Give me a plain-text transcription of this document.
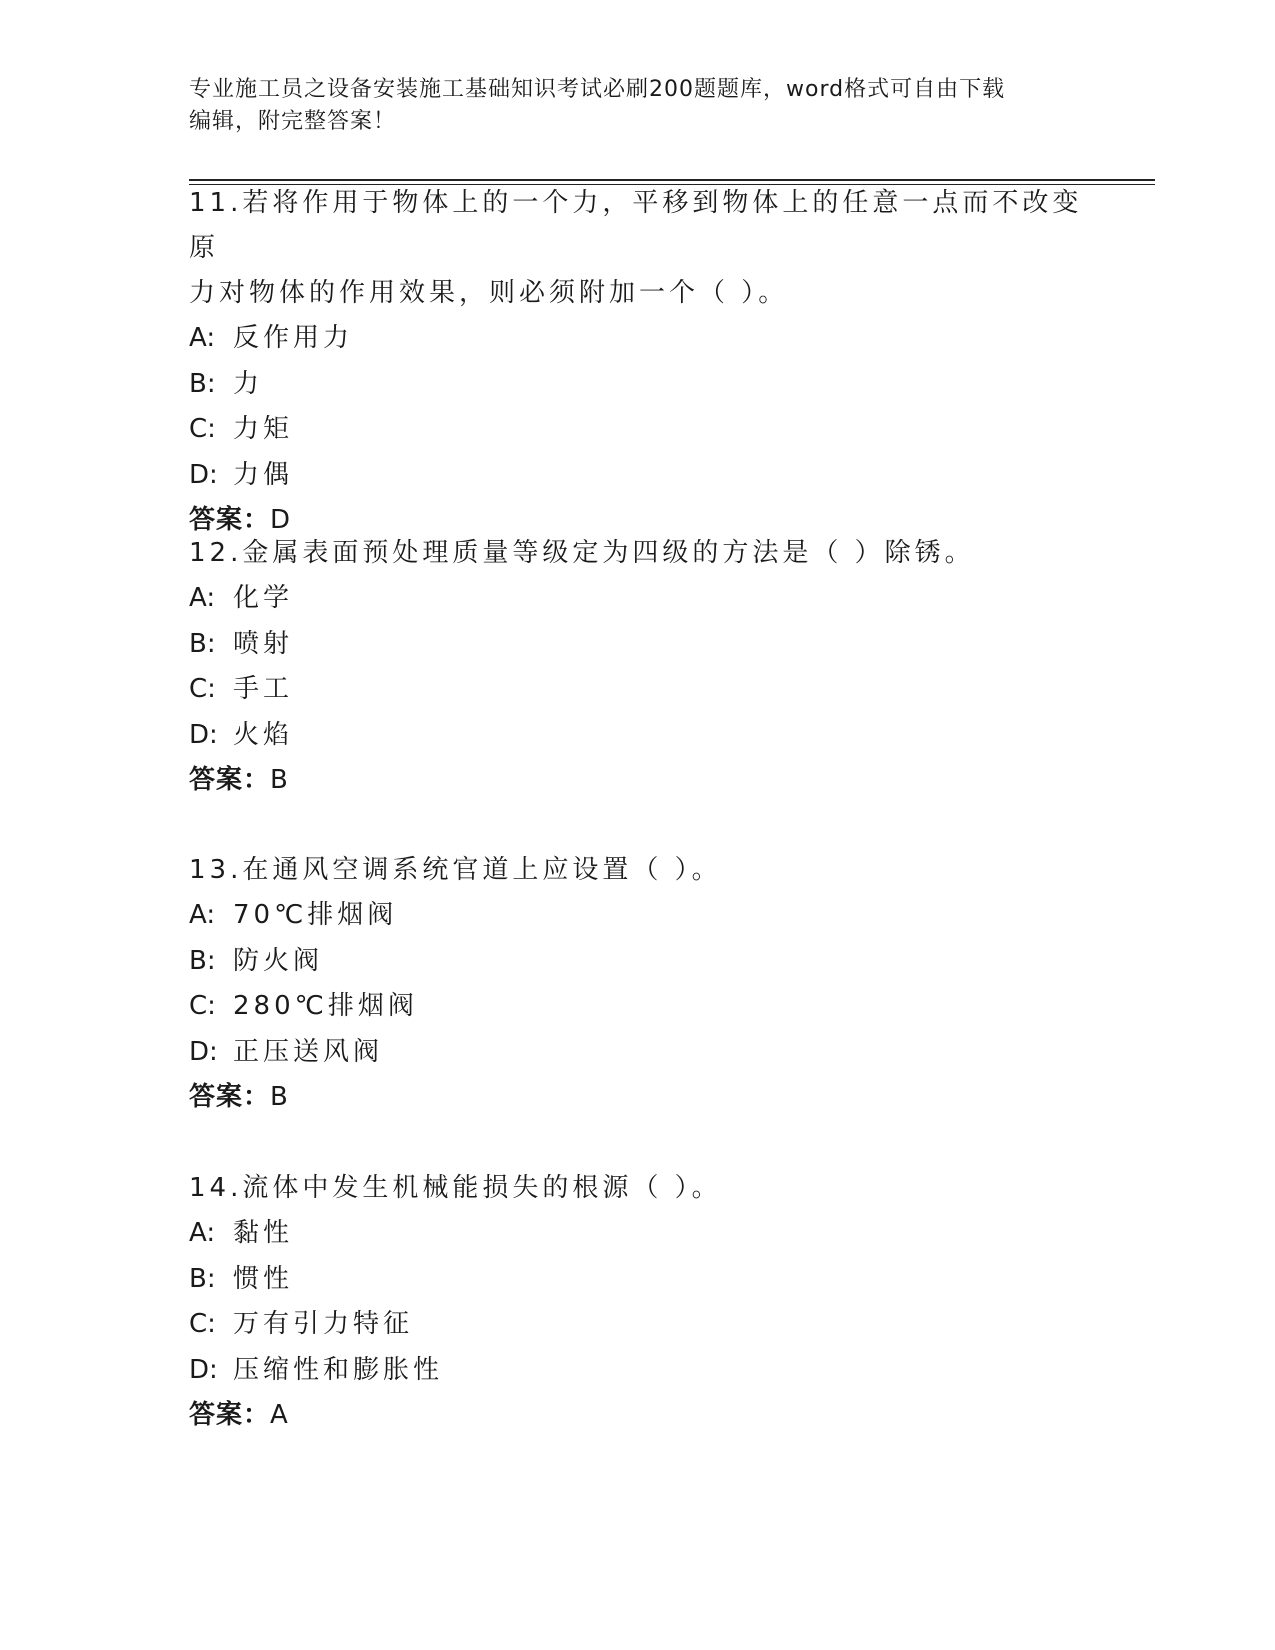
专业施工员之设备安装施工基础知识考试必刷200题题库，word格式可自由下载
编辑，附完整答案！

11.若将作用于物体上的一个力，平移到物体上的任意一点而不改变原

力对物体的作用效果，则必须附加一个（ ）。

A: 反作用力

B: 力

C: 力矩

D: 力偶

答案：D

12.金属表面预处理质量等级定为四级的方法是（ ）除锈。

A: 化学

B: 喷射

C: 手工

D: 火焰

答案：B

13.在通风空调系统官道上应设置（ ）。

A: 70℃排烟阀

B: 防火阀

C: 280℃排烟阀

D: 正压送风阀

答案：B

14.流体中发生机械能损失的根源（ ）。

A: 黏性

B: 惯性

C: 万有引力特征

D: 压缩性和膨胀性

答案：A
